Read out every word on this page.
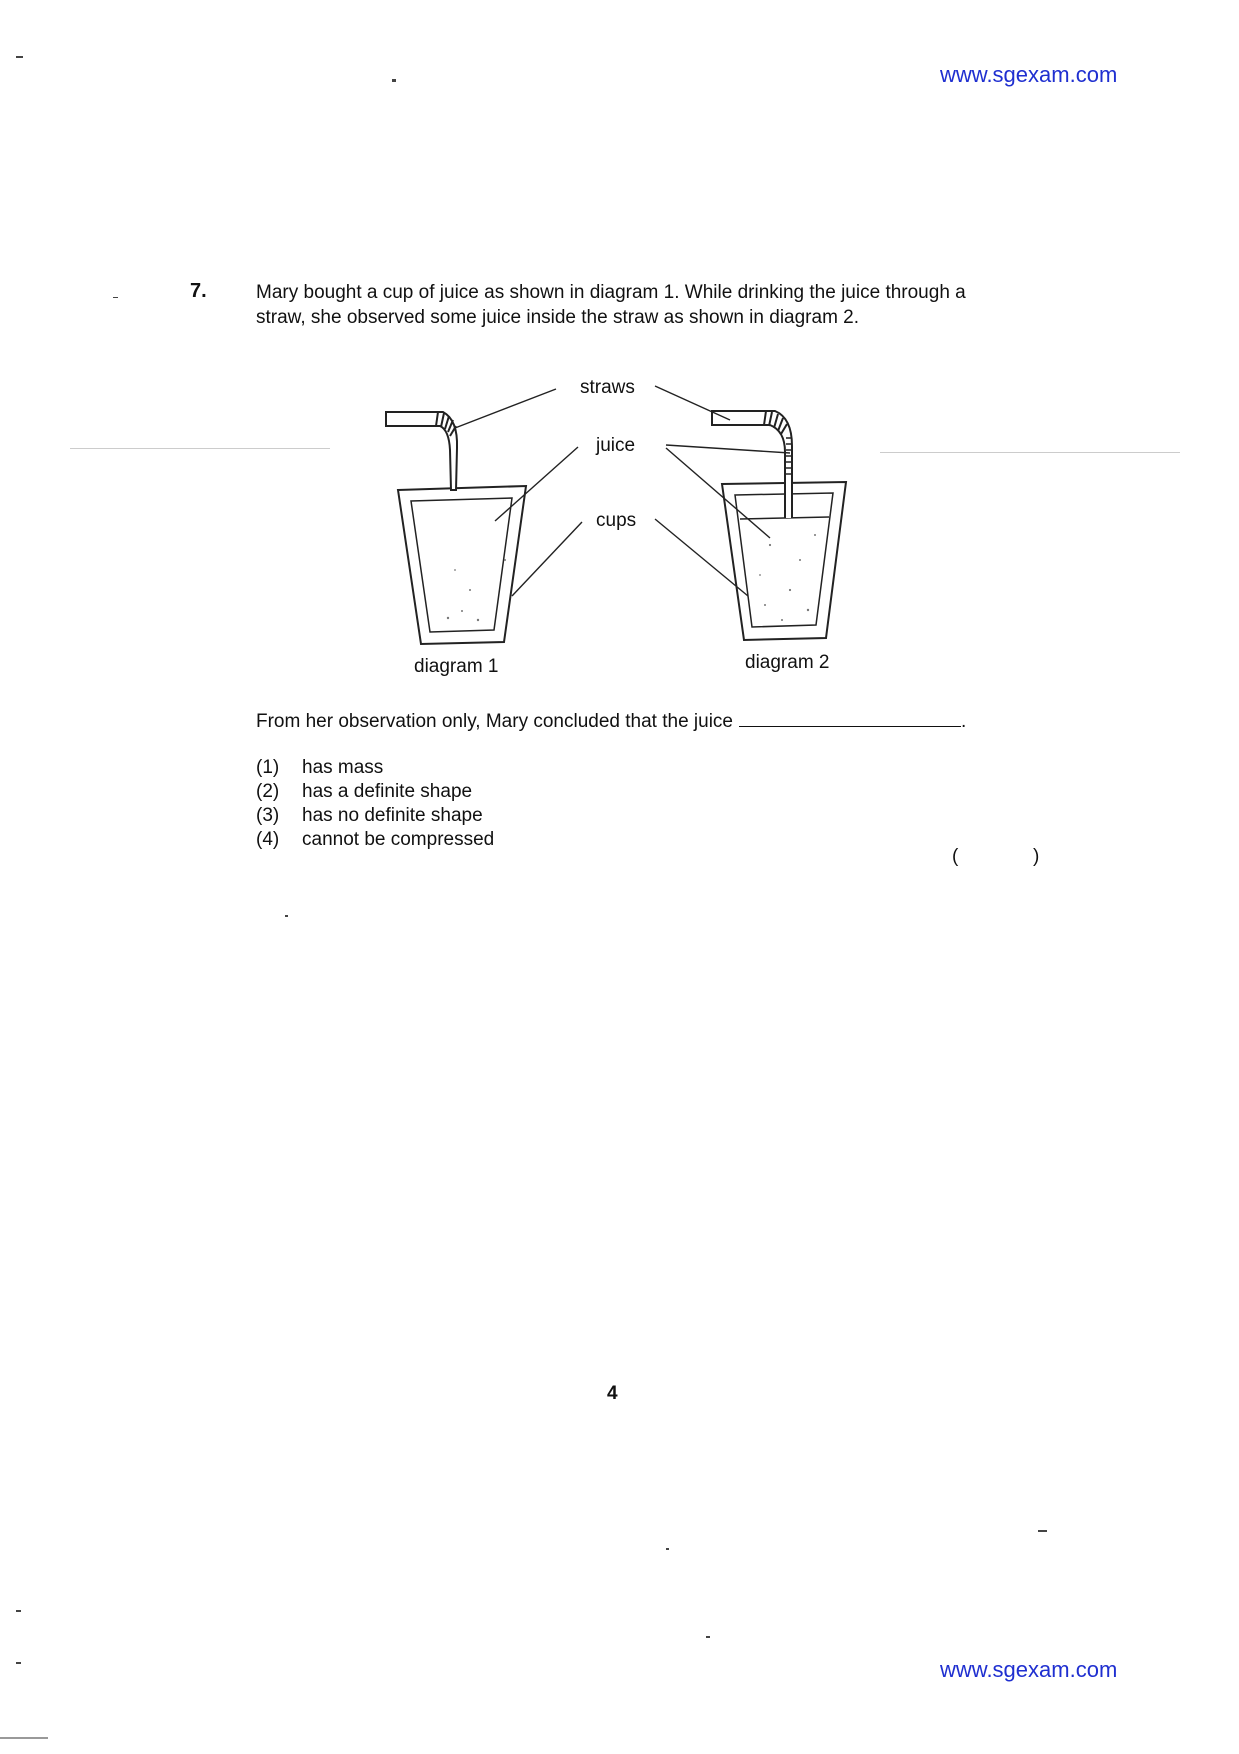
www.sgexam.com
7.	Mary bought a cup of juice as shown in diagram 1. While drinking the juice through a
straw, she observed some juice inside the straw as shown in diagram 2.
straws
juice
cups
diagram 1	diagram 2
From her observation only, Mary concluded that the juice	.
(1) has mass
(2) has a definite shape
(3) has no definite shape
(4) cannot be compressed
(	)
4
www.sgexam.com
